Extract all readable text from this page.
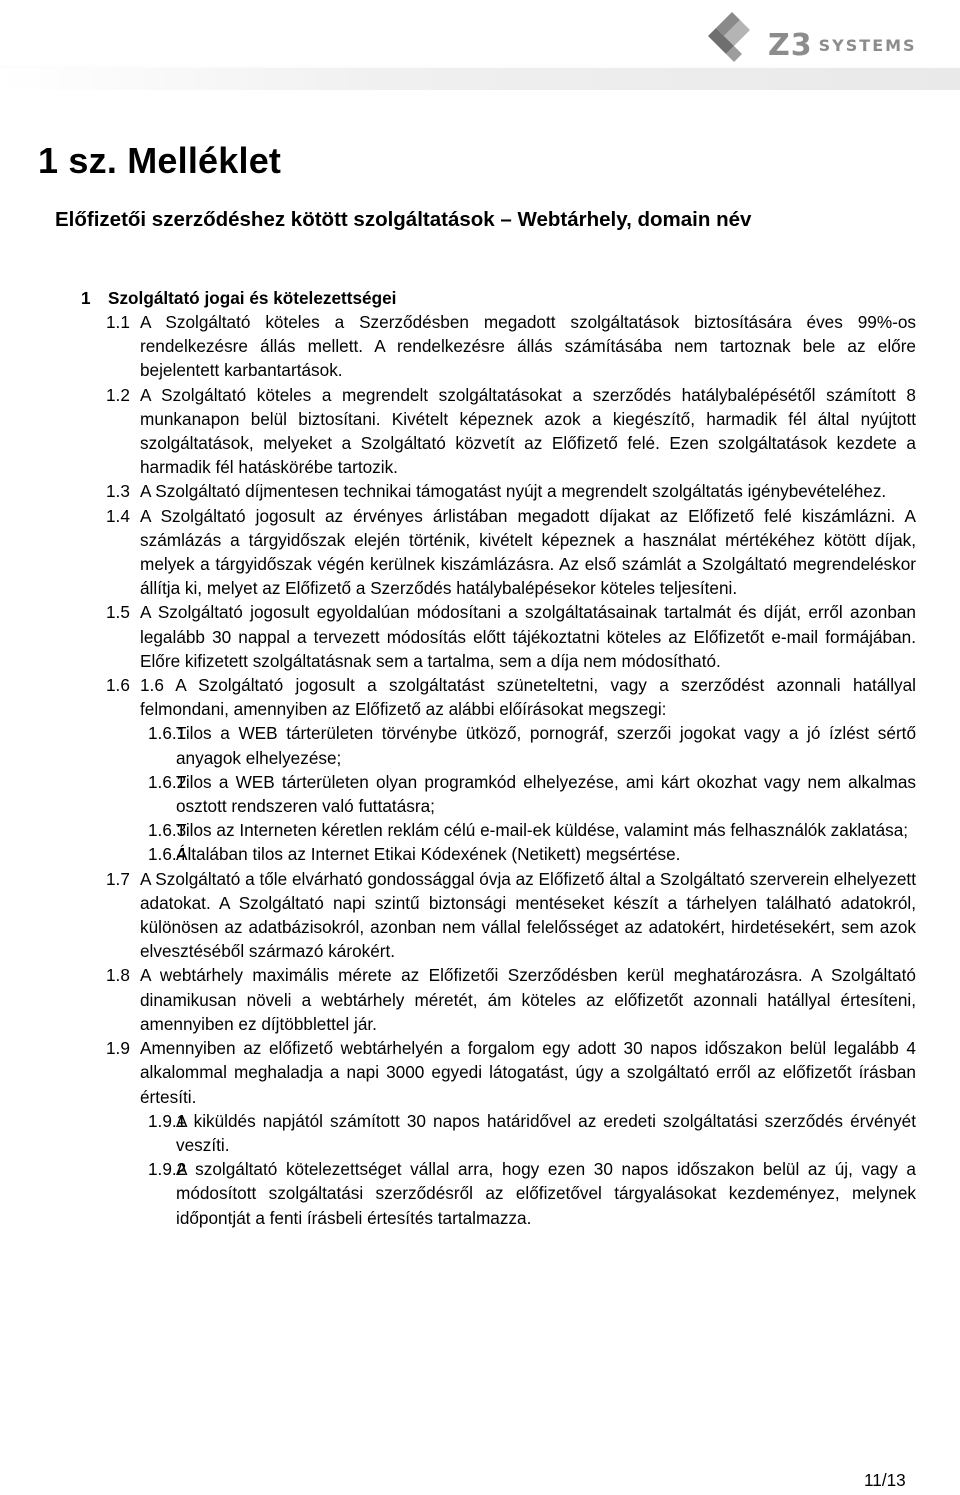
Z3 SYSTEMS
1 sz. Melléklet
Előfizetői szerződéshez kötött szolgáltatások – Webtárhely, domain név
1 Szolgáltató jogai és kötelezettségei
1.1 A Szolgáltató köteles a Szerződésben megadott szolgáltatások biztosítására éves 99%-os rendelkezésre állás mellett. A rendelkezésre állás számításába nem tartoznak bele az előre bejelentett karbantartások.
1.2 A Szolgáltató köteles a megrendelt szolgáltatásokat a szerződés hatálybalépésétől számított 8 munkanapon belül biztosítani. Kivételt képeznek azok a kiegészítő, harmadik fél által nyújtott szolgáltatások, melyeket a Szolgáltató közvetít az Előfizető felé. Ezen szolgáltatások kezdete a harmadik fél hatáskörébe tartozik.
1.3 A Szolgáltató díjmentesen technikai támogatást nyújt a megrendelt szolgáltatás igénybevételéhez.
1.4 A Szolgáltató jogosult az érvényes árlistában megadott díjakat az Előfizető felé kiszámlázni. A számlázás a tárgyidőszak elején történik, kivételt képeznek a használat mértékéhez kötött díjak, melyek a tárgyidőszak végén kerülnek kiszámlázásra. Az első számlát a Szolgáltató megrendeléskor állítja ki, melyet az Előfizető a Szerződés hatálybalépésekor köteles teljesíteni.
1.5 A Szolgáltató jogosult egyoldalúan módosítani a szolgáltatásainak tartalmát és díját, erről azonban legalább 30 nappal a tervezett módosítás előtt tájékoztatni köteles az Előfizetőt e-mail formájában. Előre kifizetett szolgáltatásnak sem a tartalma, sem a díja nem módosítható.
1.6 1.6 A Szolgáltató jogosult a szolgáltatást szüneteltetni, vagy a szerződést azonnali hatállyal felmondani, amennyiben az Előfizető az alábbi előírásokat megszegi:
1.6.1
Tilos a WEB tárterületen törvénybe ütköző, pornográf, szerzői jogokat vagy a jó ízlést sértő anyagok elhelyezése;
1.6.2
Tilos a WEB tárterületen olyan programkód elhelyezése, ami kárt okozhat vagy nem alkalmas osztott rendszeren való futtatásra;
1.6.3
Tilos az Interneten kéretlen reklám célú e-mail-ek küldése, valamint más felhasználók zaklatása;
1.6.4
Általában tilos az Internet Etikai Kódexének (Netikett) megsértése.
1.7 A Szolgáltató a tőle elvárható gondossággal óvja az Előfizető által a Szolgáltató szerverein elhelyezett adatokat. A Szolgáltató napi szintű biztonsági mentéseket készít a tárhelyen található adatokról, különösen az adatbázisokról, azonban nem vállal felelősséget az adatokért, hirdetésekért, sem azok elvesztéséből származó károkért.
1.8 A webtárhely maximális mérete az Előfizetői Szerződésben kerül meghatározásra. A Szolgáltató dinamikusan növeli a webtárhely méretét, ám köteles az előfizetőt azonnali hatállyal értesíteni, amennyiben ez díjtöbblettel jár.
1.9 Amennyiben az előfizető webtárhelyén a forgalom egy adott 30 napos időszakon belül legalább 4 alkalommal meghaladja a napi 3000 egyedi látogatást, úgy a szolgáltató erről az előfizetőt írásban értesíti.
1.9.1
A kiküldés napjától számított 30 napos határidővel az eredeti szolgáltatási szerződés érvényét veszíti.
1.9.2
A szolgáltató kötelezettséget vállal arra, hogy ezen 30 napos időszakon belül az új, vagy a módosított szolgáltatási szerződésről az előfizetővel tárgyalásokat kezdeményez, melynek időpontját a fenti írásbeli értesítés tartalmazza.
11/13
